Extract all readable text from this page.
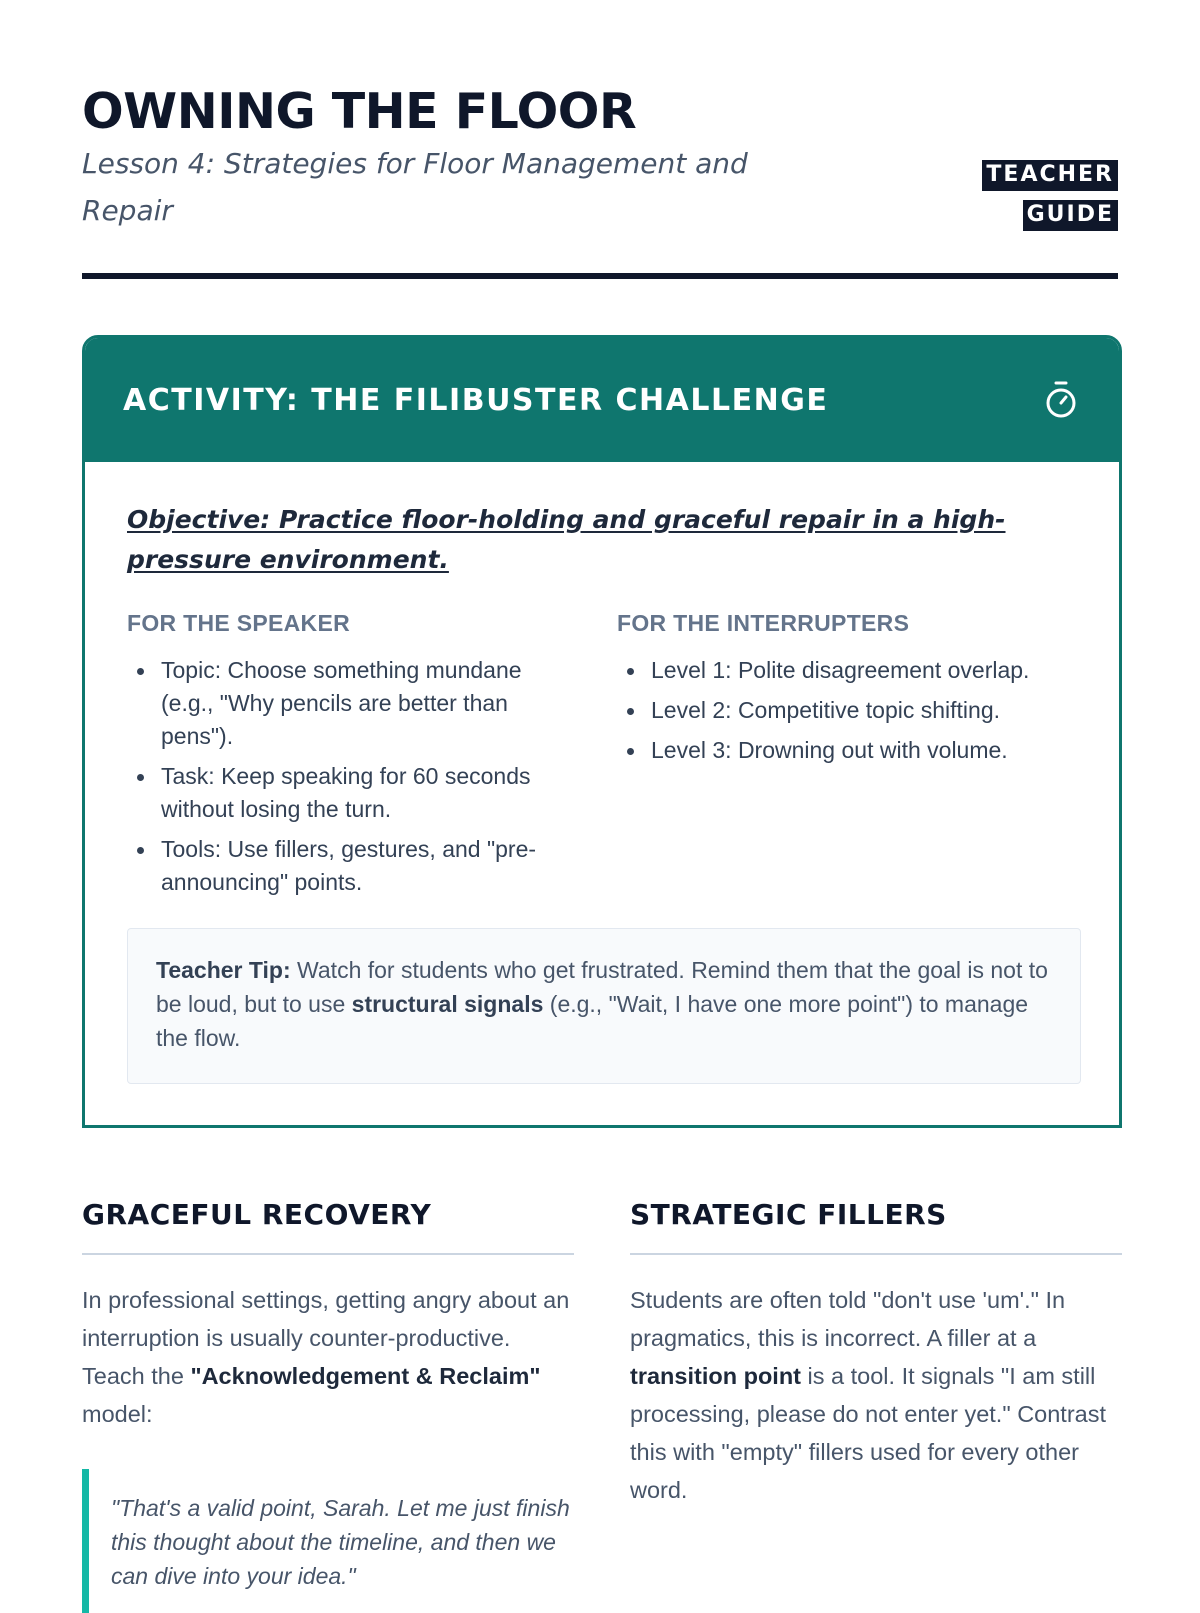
OWNING THE FLOOR
Lesson 4: Strategies for Floor Management and Repair
TEACHER GUIDE
ACTIVITY: THE FILIBUSTER CHALLENGE
Objective: Practice floor-holding and graceful repair in a high-pressure environment.
FOR THE SPEAKER
Topic: Choose something mundane (e.g., "Why pencils are better than pens").
Task: Keep speaking for 60 seconds without losing the turn.
Tools: Use fillers, gestures, and "pre-announcing" points.
FOR THE INTERRUPTERS
Level 1: Polite disagreement overlap.
Level 2: Competitive topic shifting.
Level 3: Drowning out with volume.
Teacher Tip: Watch for students who get frustrated. Remind them that the goal is not to be loud, but to use structural signals (e.g., "Wait, I have one more point") to manage the flow.
GRACEFUL RECOVERY

In professional settings, getting angry about an interruption is usually counter-productive. Teach the "Acknowledgement & Reclaim" model:

"That's a valid point, Sarah. Let me just finish this thought about the timeline, and then we can dive into your idea."
STRATEGIC FILLERS

Students are often told "don't use 'um'." In pragmatics, this is incorrect. A filler at a transition point is a tool. It signals "I am still processing, please do not enter yet." Contrast this with "empty" fillers used for every other word.
